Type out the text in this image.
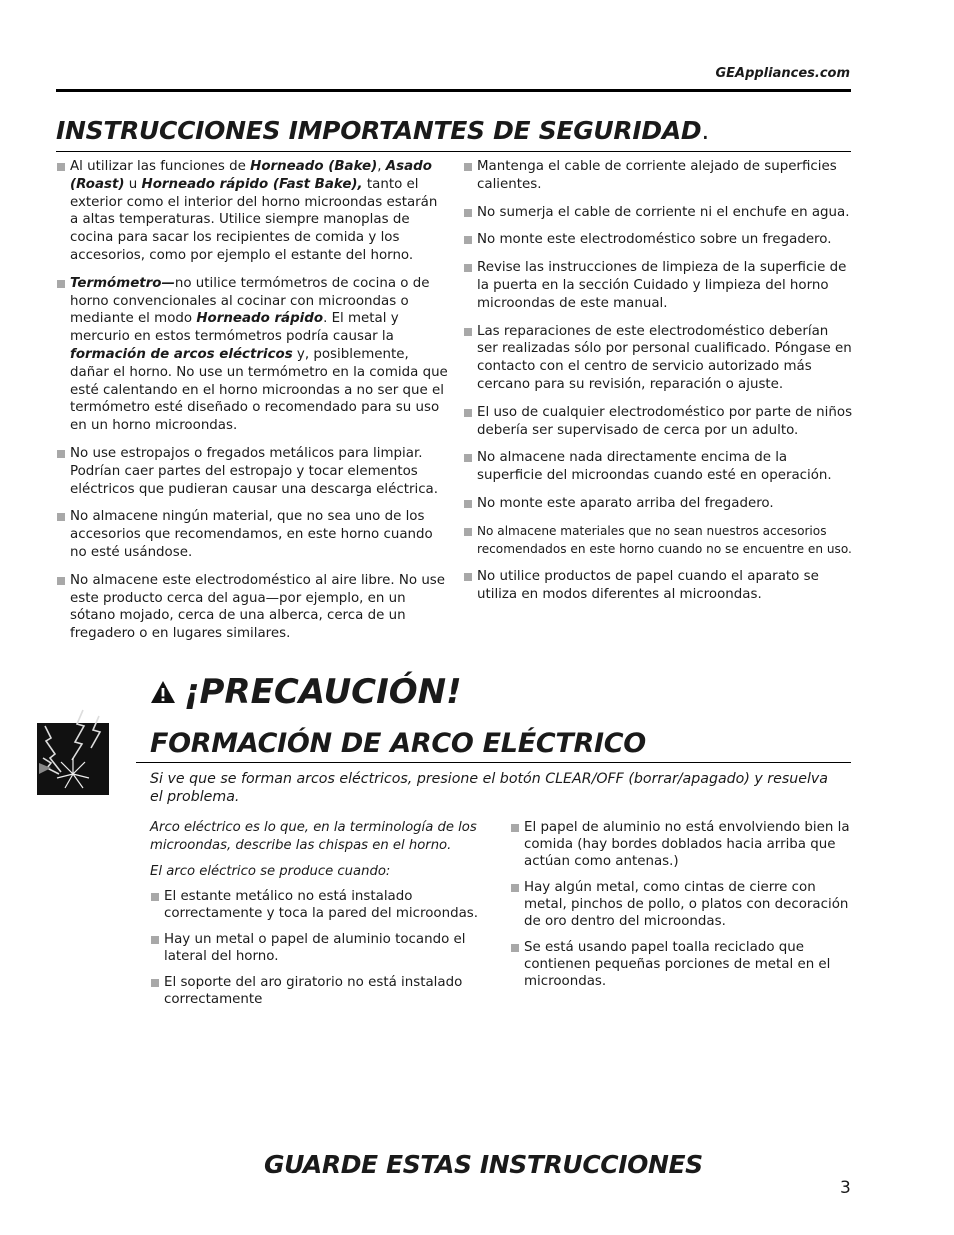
GEAppliances.com
INSTRUCCIONES IMPORTANTES DE SEGURIDAD.
Al utilizar las funciones de Horneado (Bake), Asado (Roast) u Horneado rápido (Fast Bake), tanto el exterior como el interior del horno microondas estarán a altas temperaturas. Utilice siempre manoplas de cocina para sacar los recipientes de comida y los accesorios, como por ejemplo el estante del horno.
Termómetro—no utilice termómetros de cocina o de horno convencionales al cocinar con microondas o mediante el modo Horneado rápido. El metal y mercurio en estos termómetros podría causar la formación de arcos eléctricos y, posiblemente, dañar el horno. No use un termómetro en la comida que esté calentando en el horno microondas a no ser que el termómetro esté diseñado o recomendado para su uso en un horno microondas.
No use estropajos o fregados metálicos para limpiar. Podrían caer partes del estropajo y tocar elementos eléctricos que pudieran causar una descarga eléctrica.
No almacene ningún material, que no sea uno de los accesorios que recomendamos, en este horno cuando no esté usándose.
No almacene este electrodoméstico al aire libre. No use este producto cerca del agua—por ejemplo, en un sótano mojado, cerca de una alberca, cerca de un fregadero o en lugares similares.
Mantenga el cable de corriente alejado de superficies calientes.
No sumerja el cable de corriente ni el enchufe en agua.
No monte este electrodoméstico sobre un fregadero.
Revise las instrucciones de limpieza de la superficie de la puerta en la sección Cuidado y limpieza del horno microondas de este manual.
Las reparaciones de este electrodoméstico deberían ser realizadas sólo por personal cualificado. Póngase en contacto con el centro de servicio autorizado más cercano para su revisión, reparación o ajuste.
El uso de cualquier electrodoméstico por parte de niños debería ser supervisado de cerca por un adulto.
No almacene nada directamente encima de la superficie del microondas cuando esté en operación.
No monte este aparato arriba del fregadero.
No almacene materiales que no sean nuestros accesorios recomendados en este horno cuando no se encuentre en uso.
No utilice productos de papel cuando el aparato se utiliza en modos diferentes al microondas.
¡PRECAUCIÓN!
FORMACIÓN DE ARCO ELÉCTRICO
Si ve que se forman arcos eléctricos, presione el botón CLEAR/OFF (borrar/apagado) y resuelva el problema.
Arco eléctrico es lo que, en la terminología de los microondas, describe las chispas en el horno.
El arco eléctrico se produce cuando:
El estante metálico no está instalado correctamente y toca la pared del microondas.
Hay un metal o papel de aluminio tocando el lateral del horno.
El soporte del aro giratorio no está instalado correctamente
El papel de aluminio no está envolviendo bien la comida (hay bordes doblados hacia arriba que actúan como antenas.)
Hay algún metal, como cintas de cierre con metal, pinchos de pollo, o platos con decoración de oro dentro del microondas.
Se está usando papel toalla reciclado que contienen pequeñas porciones de metal en el microondas.
GUARDE ESTAS INSTRUCCIONES
3
